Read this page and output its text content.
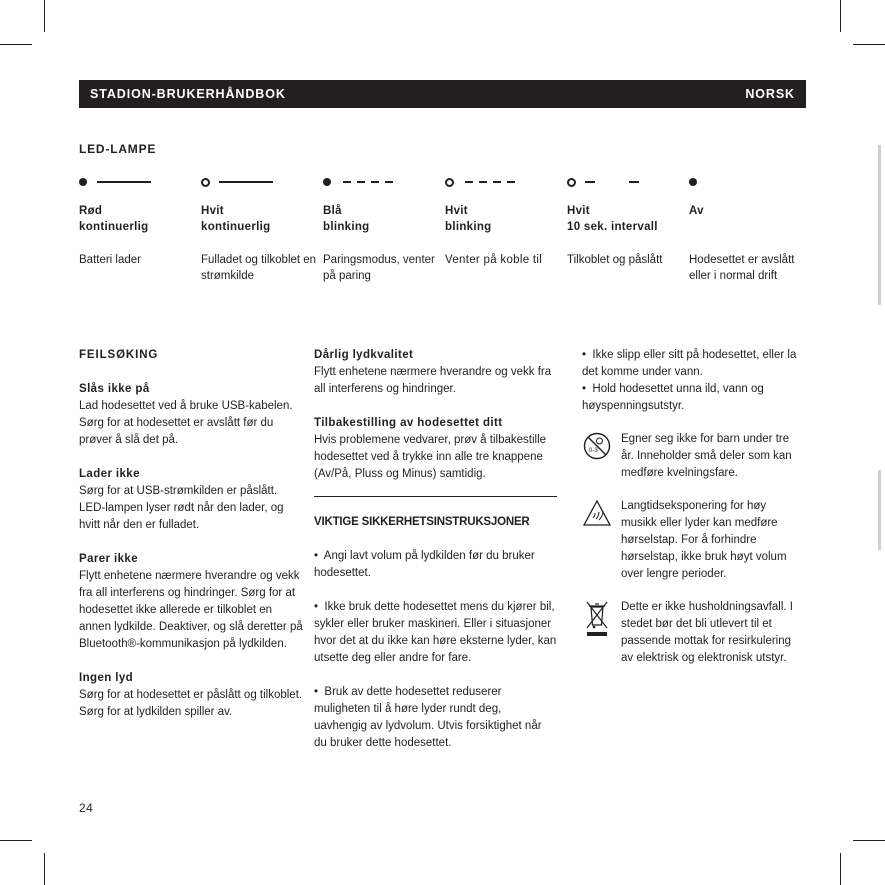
STADION-BRUKERHÅNDBOK	NORSK
LED-LAMPE
Rød
kontinuerlig
Batteri lader
Hvit
kontinuerlig
Fulladet og tilkoblet en strømkilde
Blå
blinking
Paringsmodus, venter på paring
Hvit
blinking
Venter på koble til
Hvit
10 sek. intervall
Tilkoblet og påslått
Av
Hodesettet er avslått eller i normal drift

FEILSØKING

Slås ikke på

Lad hodesettet ved å bruke USB-kabelen. Sørg for at hodesettet er avslått før du prøver å slå det på.

Lader ikke

Sørg for at USB-strømkilden er påslått. LED-lampen lyser rødt når den lader, og hvitt når den er fulladet.

Parer ikke

Flytt enhetene nærmere hverandre og vekk fra all interferens og hindringer. Sørg for at hodesettet ikke allerede er tilkoblet en annen lydkilde. Deaktiver, og slå deretter på Bluetooth®-kommunikasjon på lydkilden.

Ingen lyd

Sørg for at hodesettet er påslått og tilkoblet. Sørg for at lydkilden spiller av.

Dårlig lydkvalitet

Flytt enhetene nærmere hverandre og vekk fra all interferens og hindringer.

Tilbakestilling av hodesettet ditt

Hvis problemene vedvarer, prøv å tilbakestille hodesettet ved å trykke inn alle tre knappene (Av/På, Pluss og Minus) samtidig.

VIKTIGE SIKKERHETSINSTRUKSJONER

•  Angi lavt volum på lydkilden før du bruker hodesettet.

•  Ikke bruk dette hodesettet mens du kjører bil, sykler eller bruker maskineri. Eller i situasjoner hvor det at du ikke kan høre eksterne lyder, kan utsette deg eller andre for fare.

•  Bruk av dette hodesettet reduserer muligheten til å høre lyder rundt deg, uavhengig av lydvolum. Utvis forsiktighet når du bruker dette hodesettet.

•  Ikke slipp eller sitt på hodesettet, eller la det komme under vann.

•  Hold hodesettet unna ild, vann og høyspenningsutstyr.

0-3
Egner seg ikke for barn under tre år. Inneholder små deler som kan medføre kvelningsfare.
Langtidseksponering for høy musikk eller lyder kan medføre hørselstap. For å forhindre hørselstap, ikke bruk høyt volum over lengre perioder.
Dette er ikke husholdningsavfall. I stedet bør det bli utlevert til et passende mottak for resirkulering av elektrisk og elektronisk utstyr.
24
